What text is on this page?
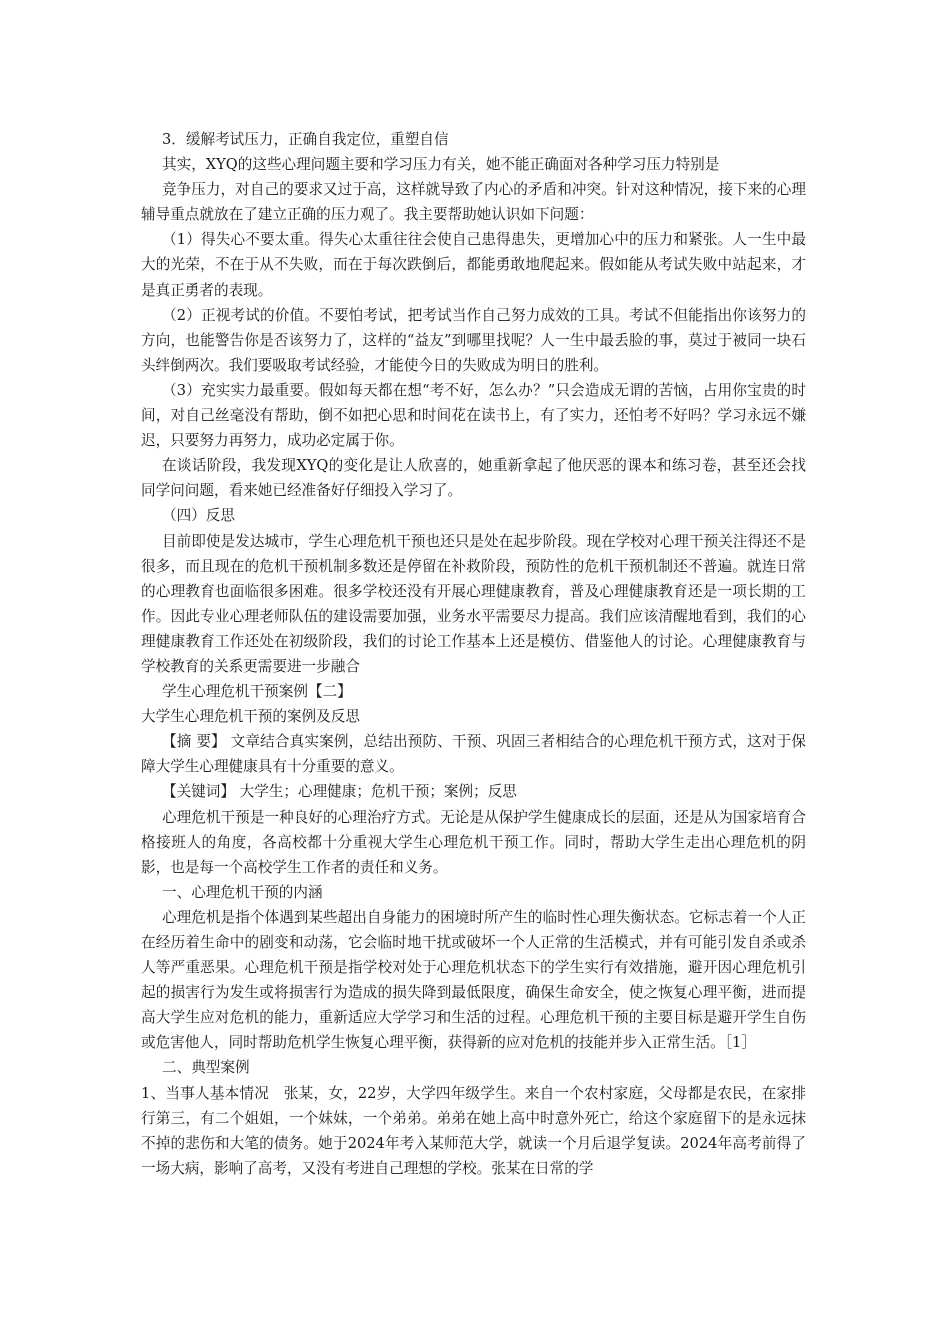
3．缓解考试压力，正确自我定位，重塑自信

其实，XYQ的这些心理问题主要和学习压力有关，她不能正确面对各种学习压力特别是

竞争压力，对自己的要求又过于高，这样就导致了内心的矛盾和冲突。针对这种情况，接下来的心理辅导重点就放在了建立正确的压力观了。我主要帮助她认识如下问题：

（1）得失心不要太重。得失心太重往往会使自己患得患失，更增加心中的压力和紧张。人一生中最大的光荣，不在于从不失败，而在于每次跌倒后，都能勇敢地爬起来。假如能从考试失败中站起来，才是真正勇者的表现。

（2）正视考试的价值。不要怕考试，把考试当作自己努力成效的工具。考试不但能指出你该努力的方向，也能警告你是否该努力了，这样的“益友”到哪里找呢？人一生中最丢脸的事，莫过于被同一块石头绊倒两次。我们要吸取考试经验，才能使今日的失败成为明日的胜利。

（3）充实实力最重要。假如每天都在想“考不好，怎么办？”只会造成无谓的苦恼，占用你宝贵的时间，对自己丝毫没有帮助，倒不如把心思和时间花在读书上，有了实力，还怕考不好吗？学习永远不嫌迟，只要努力再努力，成功必定属于你。

在谈话阶段，我发现XYQ的变化是让人欣喜的，她重新拿起了他厌恶的课本和练习卷，甚至还会找同学问问题，看来她已经准备好仔细投入学习了。

（四）反思

目前即使是发达城市，学生心理危机干预也还只是处在起步阶段。现在学校对心理干预关注得还不是很多，而且现在的危机干预机制多数还是停留在补救阶段，预防性的危机干预机制还不普遍。就连日常的心理教育也面临很多困难。很多学校还没有开展心理健康教育，普及心理健康教育还是一项长期的工作。因此专业心理老师队伍的建设需要加强，业务水平需要尽力提高。我们应该清醒地看到，我们的心理健康教育工作还处在初级阶段，我们的讨论工作基本上还是模仿、借鉴他人的讨论。心理健康教育与学校教育的关系更需要进一步融合

学生心理危机干预案例【二】

大学生心理危机干预的案例及反思

【摘 要】 文章结合真实案例，总结出预防、干预、巩固三者相结合的心理危机干预方式，这对于保障大学生心理健康具有十分重要的意义。

【关键词】 大学生；心理健康；危机干预；案例；反思

心理危机干预是一种良好的心理治疗方式。无论是从保护学生健康成长的层面，还是从为国家培育合格接班人的角度，各高校都十分重视大学生心理危机干预工作。同时，帮助大学生走出心理危机的阴影，也是每一个高校学生工作者的责任和义务。

一、心理危机干预的内涵

心理危机是指个体遇到某些超出自身能力的困境时所产生的临时性心理失衡状态。它标志着一个人正在经历着生命中的剧变和动荡，它会临时地干扰或破坏一个人正常的生活模式，并有可能引发自杀或杀人等严重恶果。心理危机干预是指学校对处于心理危机状态下的学生实行有效措施，避开因心理危机引起的损害行为发生或将损害行为造成的损失降到最低限度，确保生命安全，使之恢复心理平衡，进而提高大学生应对危机的能力，重新适应大学学习和生活的过程。心理危机干预的主要目标是避开学生自伤或危害他人，同时帮助危机学生恢复心理平衡，获得新的应对危机的技能并步入正常生活。［1］

二、典型案例

1、当事人基本情况　张某，女，22岁，大学四年级学生。来自一个农村家庭，父母都是农民，在家排行第三，有二个姐姐，一个妹妹，一个弟弟。弟弟在她上高中时意外死亡，给这个家庭留下的是永远抹不掉的悲伤和大笔的债务。她于2024年考入某师范大学，就读一个月后退学复读。2024年高考前得了一场大病，影响了高考，又没有考进自己理想的学校。张某在日常的学
